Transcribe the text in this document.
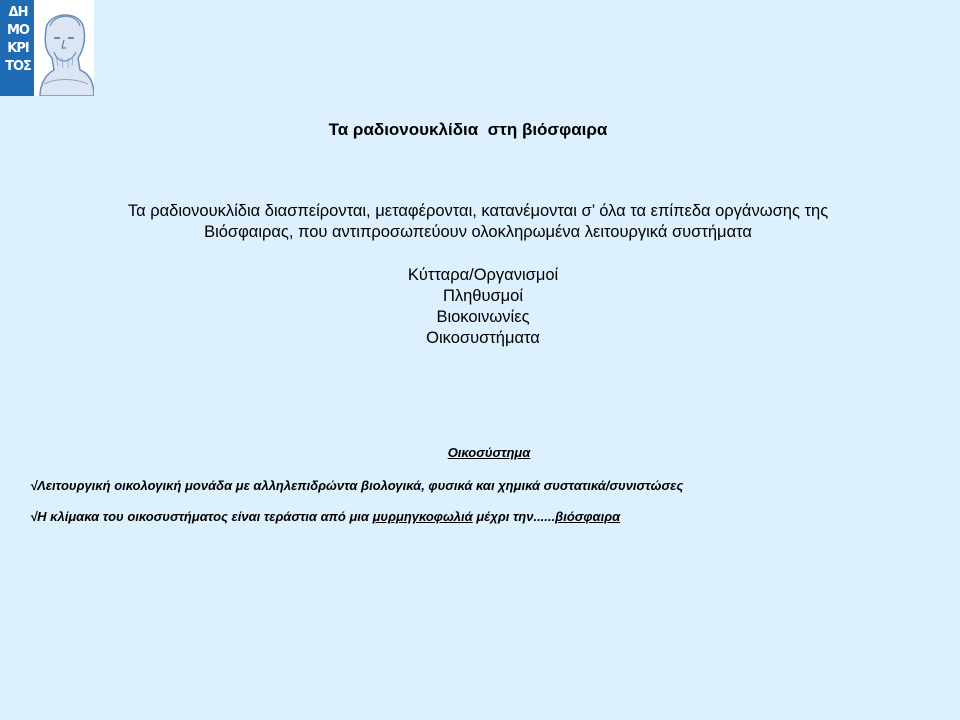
ΔΗ
ΜΟ
ΚΡΙ
ΤΟΣ
Τα ραδιονουκλίδια  στη βιόσφαιρα
Τα ραδιονουκλίδια διασπείρονται, μεταφέρονται, κατανέμονται σ’ όλα τα επίπεδα οργάνωσης της
Βιόσφαιρας, που αντιπροσωπεύουν ολοκληρωμένα λειτουργικά συστήματα
Κύτταρα/Οργανισμοί
Πληθυσμοί
Βιοκοινωνίες
Οικοσυστήματα
Οικοσύστημα
√Λειτουργική οικολογική μονάδα με αλληλεπιδρώντα βιολογικά, φυσικά και χημικά συστατικά/συνιστώσες
√Η κλίμακα του οικοσυστήματος είναι τεράστια από μια μυρμηγκοφωλιά μέχρι την......βιόσφαιρα
